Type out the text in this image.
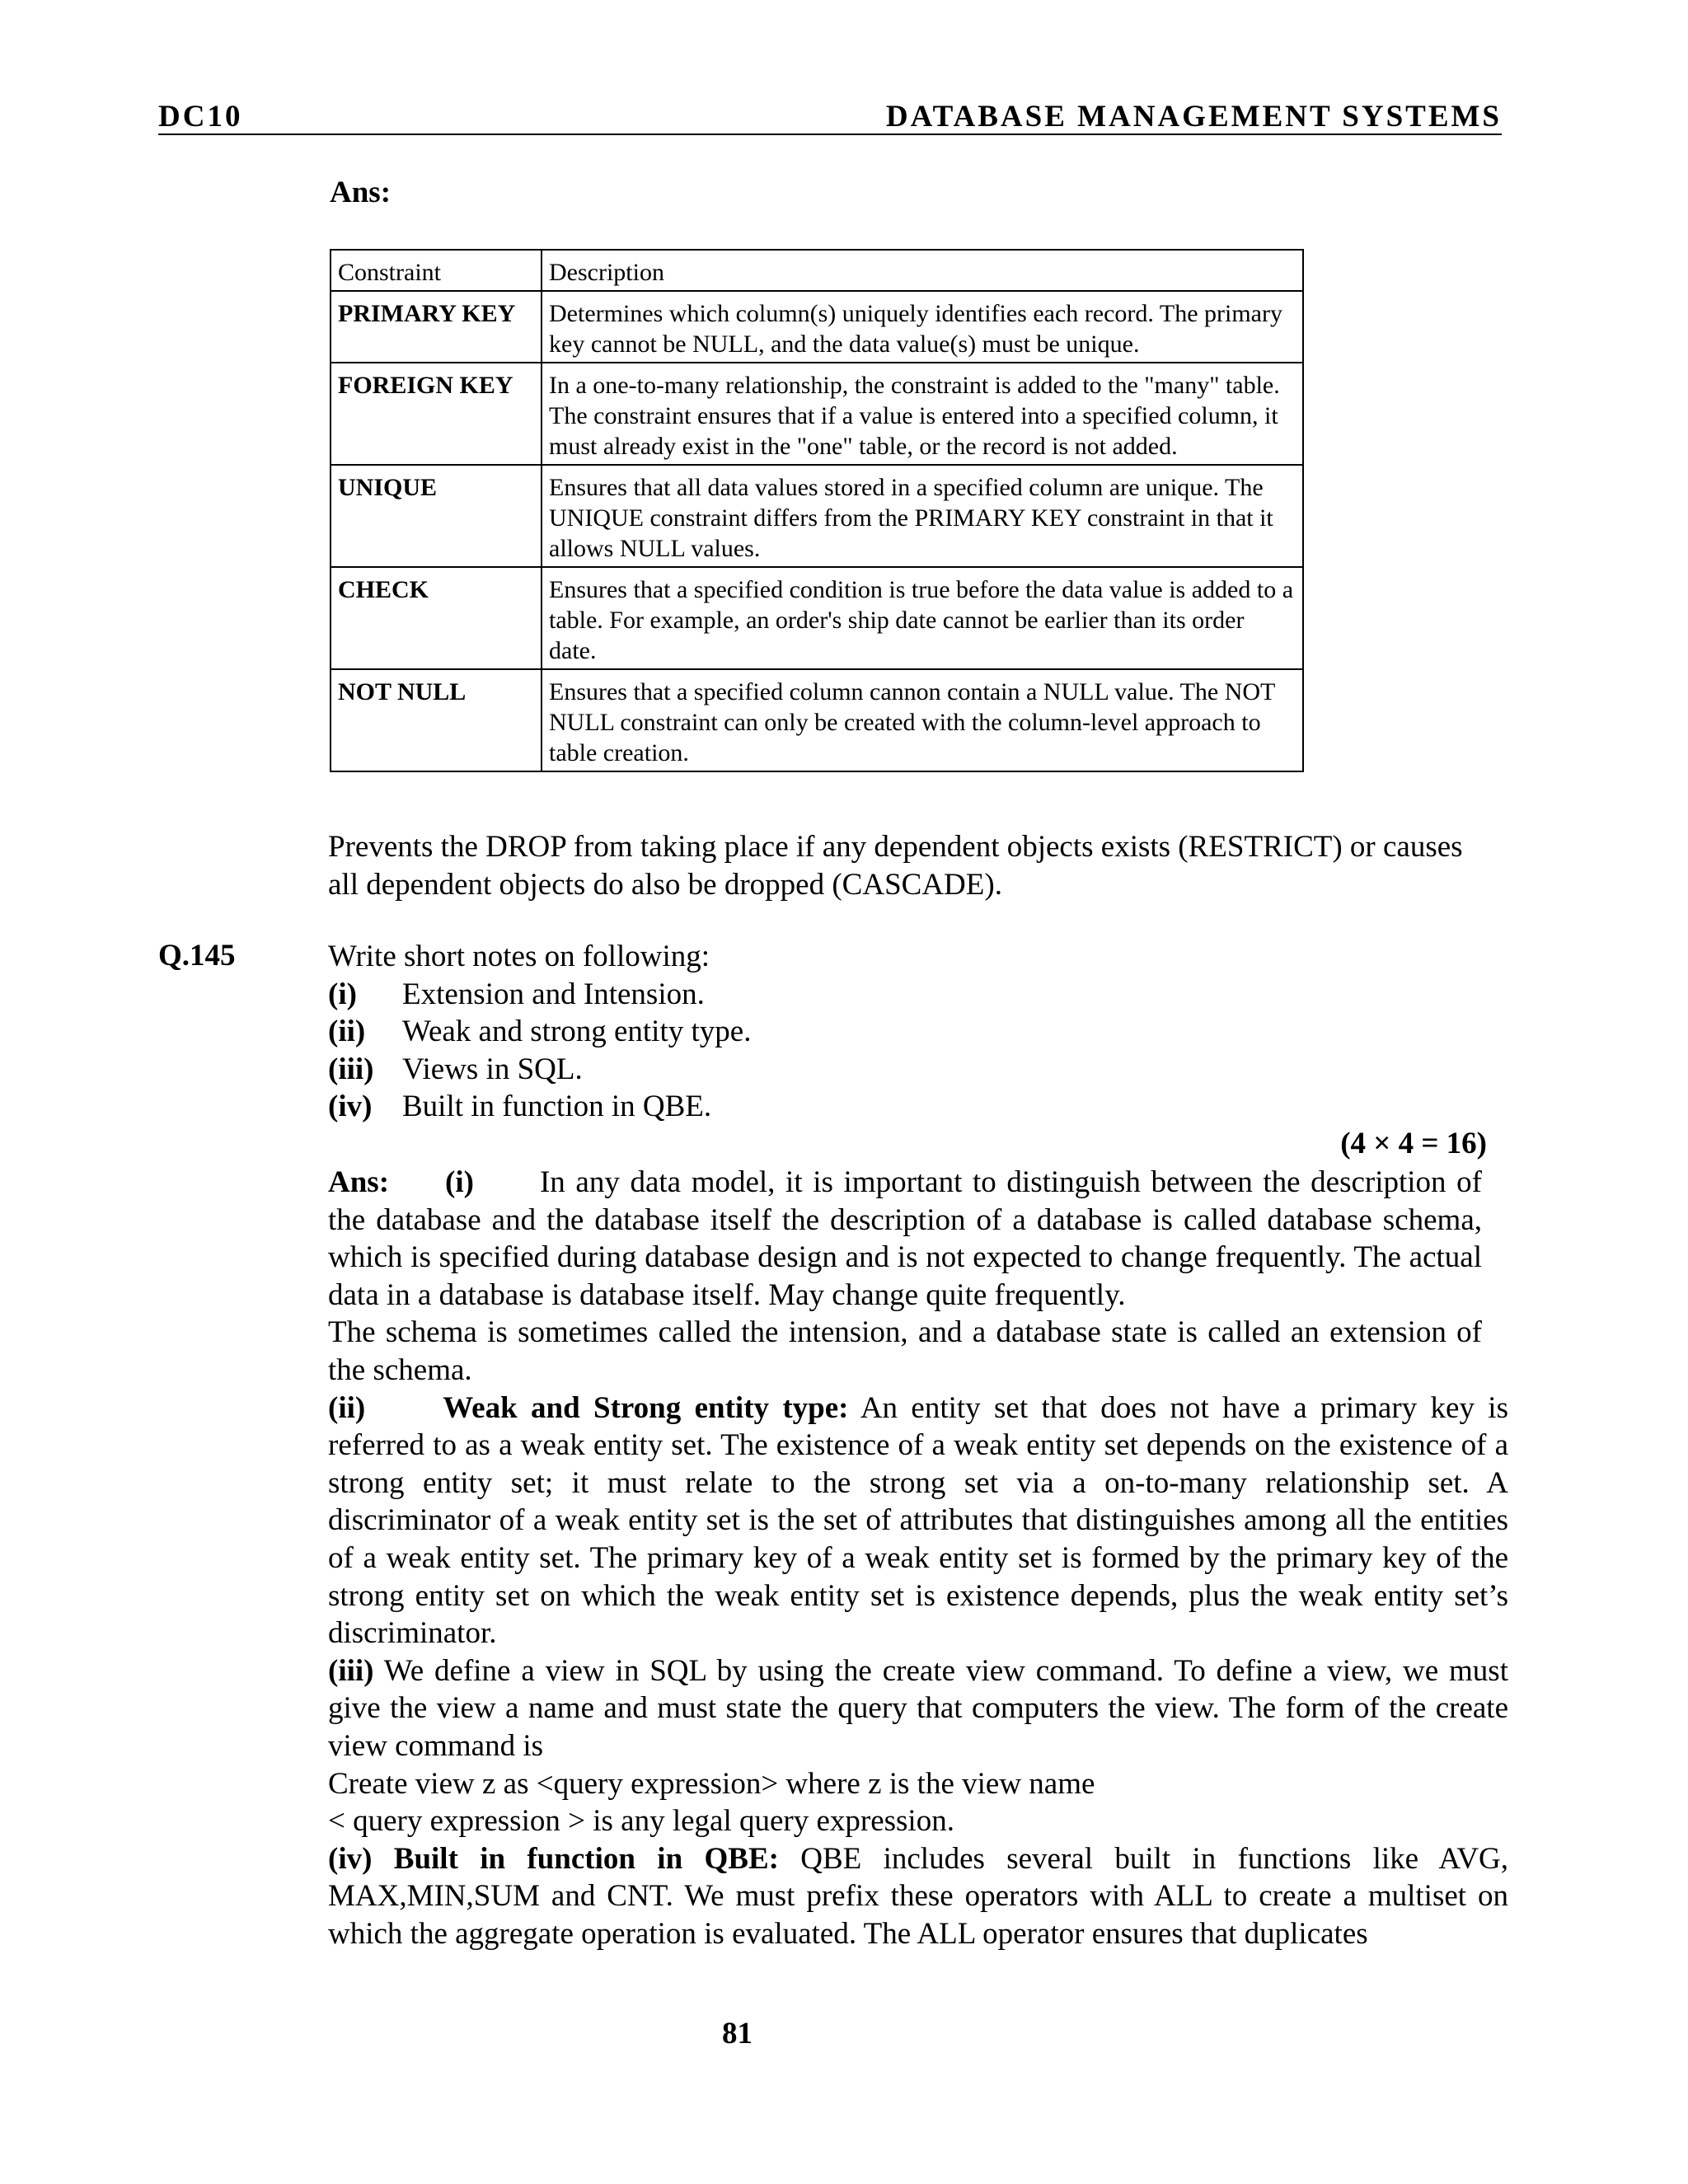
DC10	DATABASE MANAGEMENT SYSTEMS
Ans:
Constraint	Description
PRIMARY KEY	Determines which column(s) uniquely identifies each record. The primary key cannot be NULL, and the data value(s) must be unique.
FOREIGN KEY	In a one-to-many relationship, the constraint is added to the "many" table. The constraint ensures that if a value is entered into a specified column, it must already exist in the "one" table, or the record is not added.
UNIQUE	Ensures that all data values stored in a specified column are unique. The UNIQUE constraint differs from the PRIMARY KEY constraint in that it allows NULL values.
CHECK	Ensures that a specified condition is true before the data value is added to a table. For example, an order's ship date cannot be earlier than its order date.
NOT NULL	Ensures that a specified column cannon contain a NULL value. The NOT NULL constraint can only be created with the column-level approach to table creation.
Prevents the DROP from taking place if any dependent objects exists (RESTRICT) or causes all dependent objects do also be dropped (CASCADE).
Q.145	Write short notes on following:
(i) Extension and Intension.
(ii) Weak and strong entity type.
(iii) Views in SQL.
(iv) Built in function in QBE.
(4 × 4 = 16)
Ans: (i) In any data model, it is important to distinguish between the description of the database and the database itself the description of a database is called database schema, which is specified during database design and is not expected to change frequently. The actual data in a database is database itself. May change quite frequently.
The schema is sometimes called the intension, and a database state is called an extension of the schema.
(ii)	Weak and Strong entity type: An entity set that does not have a primary key is referred to as a weak entity set. The existence of a weak entity set depends on the existence of a strong entity set; it must relate to the strong set via a on-to-many relationship set. A discriminator of a weak entity set is the set of attributes that distinguishes among all the entities of a weak entity set. The primary key of a weak entity set is formed by the primary key of the strong entity set on which the weak entity set is existence depends, plus the weak entity set’s discriminator.
(iii) We define a view in SQL by using the create view command. To define a view, we must give the view a name and must state the query that computers the view. The form of the create view command is
Create view z as <query expression> where z is the view name
< query expression > is any legal query expression.
(iv) Built in function in QBE: QBE includes several built in functions like AVG, MAX,MIN,SUM and CNT. We must prefix these operators with ALL to create a multiset on which the aggregate operation is evaluated. The ALL operator ensures that duplicates
81
